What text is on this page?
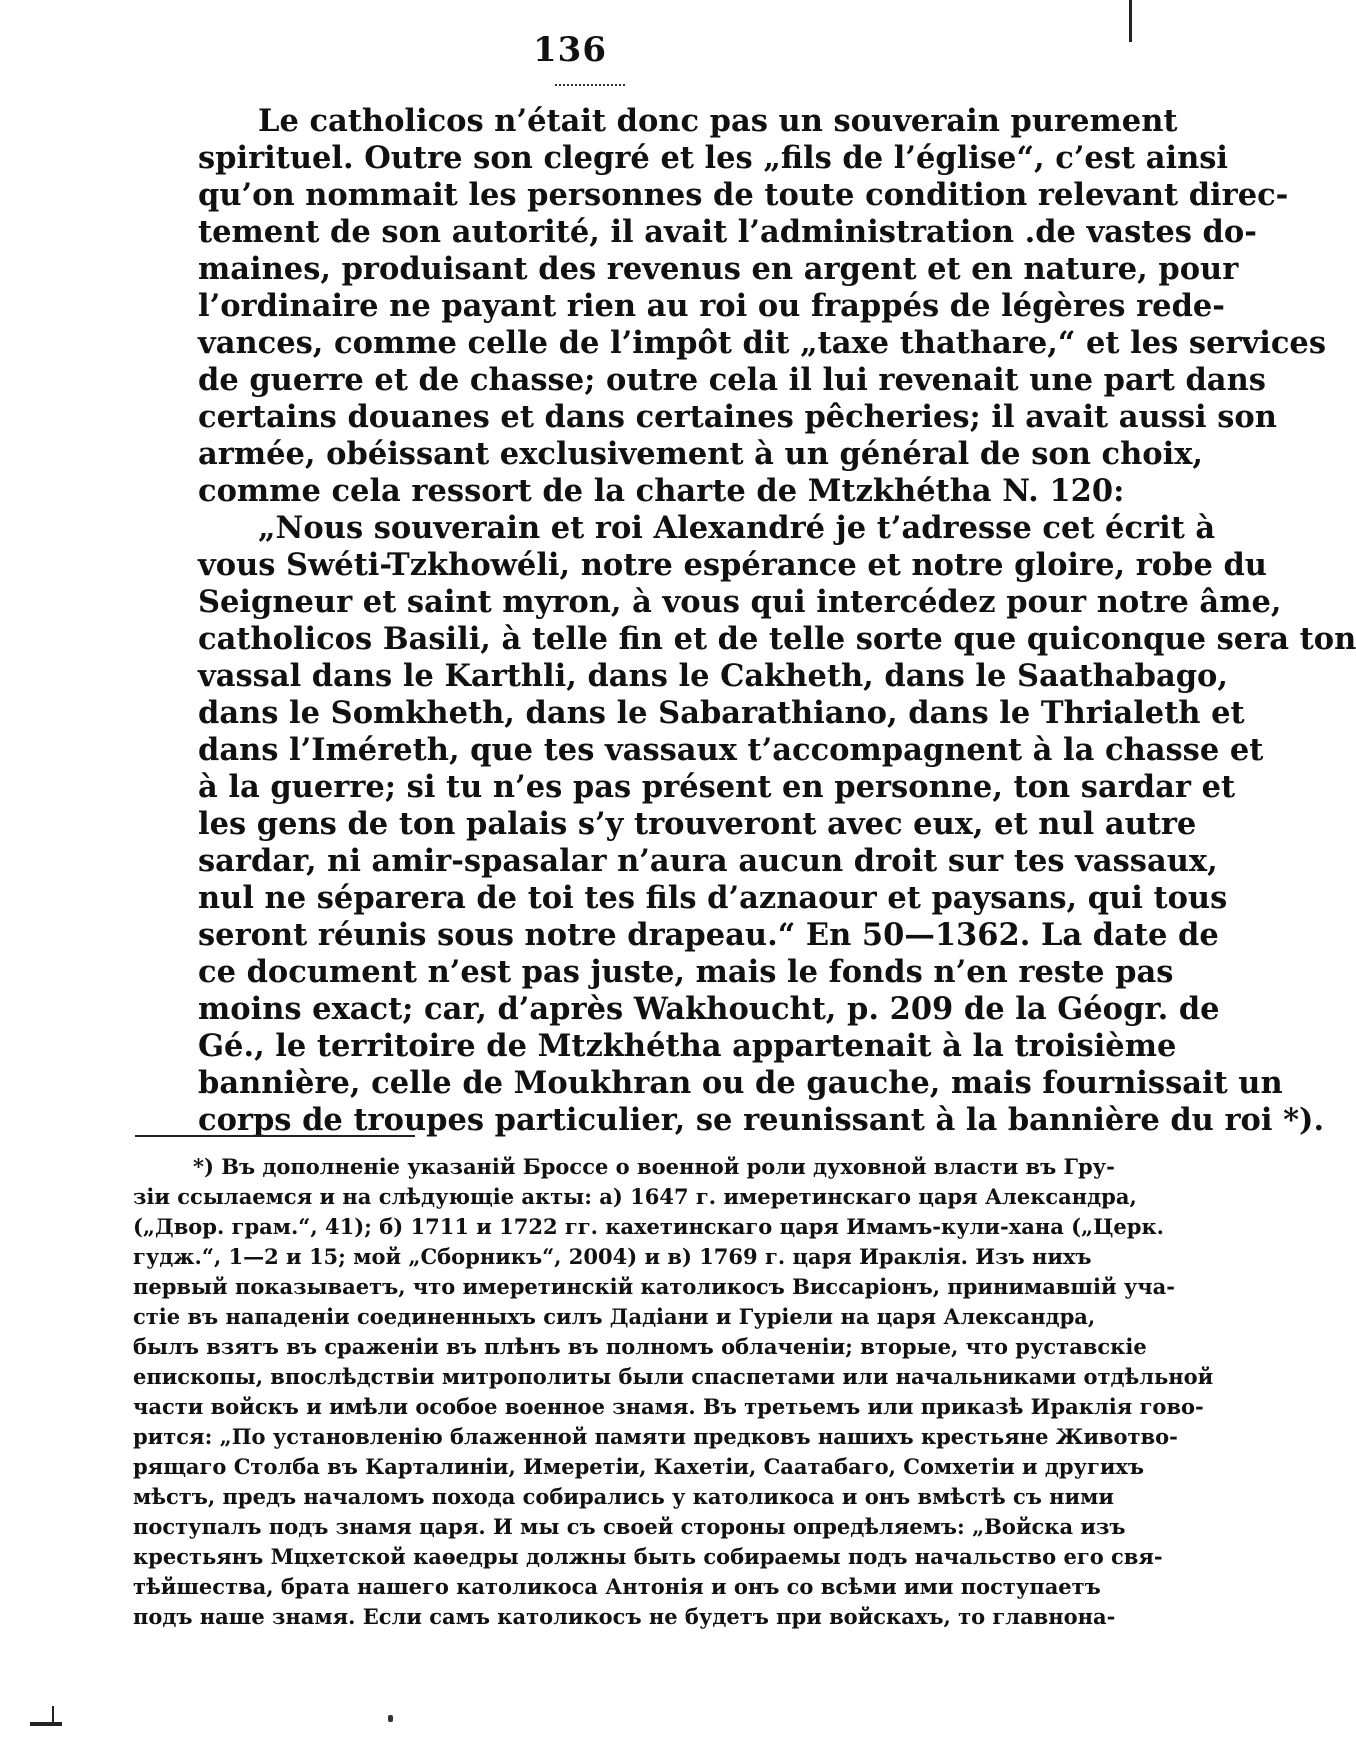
136
Le catholicos n’était donc pas un souverain purement
spirituel. Outre son clegré et les „fils de l’église“, c’est ainsi
qu’on nommait les personnes de toute condition relevant direc-
tement de son autorité, il avait l’administration .de vastes do-
maines, produisant des revenus en argent et en nature, pour
l’ordinaire ne payant rien au roi ou frappés de légères rede-
vances, comme celle de l’impôt dit „taxe thathare,“ et les services
de guerre et de chasse; outre cela il lui revenait une part dans
certains douanes et dans certaines pêcheries; il avait aussi son
armée, obéissant exclusivement à un général de son choix,
comme cela ressort de la charte de Mtzkhétha N. 120:
„Nous souverain et roi Alexandré je t’adresse cet écrit à
vous Swéti-Tzkhowéli, notre espérance et notre gloire, robe du
Seigneur et saint myron, à vous qui intercédez pour notre âme,
catholicos Basili, à telle fin et de telle sorte que quiconque sera ton
vassal dans le Karthli, dans le Cakheth, dans le Saathabago,
dans le Somkheth, dans le Sabarathiano, dans le Thrialeth et
dans l’Iméreth, que tes vassaux t’accompagnent à la chasse et
à la guerre; si tu n’es pas présent en personne, ton sardar et
les gens de ton palais s’y trouveront avec eux, et nul autre
sardar, ni amir-spasalar n’aura aucun droit sur tes vassaux,
nul ne séparera de toi tes fils d’aznaour et paysans, qui tous
seront réunis sous notre drapeau.“ En 50—1362. La date de
ce document n’est pas juste, mais le fonds n’en reste pas
moins exact; car, d’après Wakhoucht, p. 209 de la Géogr. de
Gé., le territoire de Mtzkhétha appartenait à la troisième
bannière, celle de Moukhran ou de gauche, mais fournissait un
corps de troupes particulier, se reunissant à la bannière du roi *).
*) Въ дополненіе указаній Броссе о военной роли духовной власти въ Гру-
зіи ссылаемся и на слѣдующіе акты: а) 1647 г. имеретинскаго царя Александра,
(„Двор. грам.“, 41); б) 1711 и 1722 гг. кахетинскаго царя Имамъ-кули-хана („Церк.
гудж.“, 1—2 и 15; мой „Сборникъ“, 2004) и в) 1769 г. царя Ираклія. Изъ нихъ
первый показываетъ, что имеретинскій католикосъ Виссаріонъ, принимавшій уча-
стіе въ нападеніи соединенныхъ силъ Дадіани и Гуріели на царя Александра,
былъ взятъ въ сраженіи въ плѣнъ въ полномъ облаченіи; вторые, что руставскіе
епископы, впослѣдствіи митрополиты были спаспетами или начальниками отдѣльной
части войскъ и имѣли особое военное знамя. Въ третьемъ или приказѣ Ираклія гово-
рится: „По установленію блаженной памяти предковъ нашихъ крестьяне Животво-
рящаго Столба въ Карталиніи, Имеретіи, Кахетіи, Саатабаго, Сомхетіи и другихъ
мѣстъ, предъ началомъ похода собирались у католикоса и онъ вмѣстѣ съ ними
поступалъ подъ знамя царя. И мы съ своей стороны опредѣляемъ: „Войска изъ
крестьянъ Мцхетской каѳедры должны быть собираемы подъ начальство его свя-
тѣйшества, брата нашего католикоса Антонія и онъ со всѣми ими поступаетъ
подъ наше знамя. Если самъ католикосъ не будетъ при войскахъ, то главнона-
